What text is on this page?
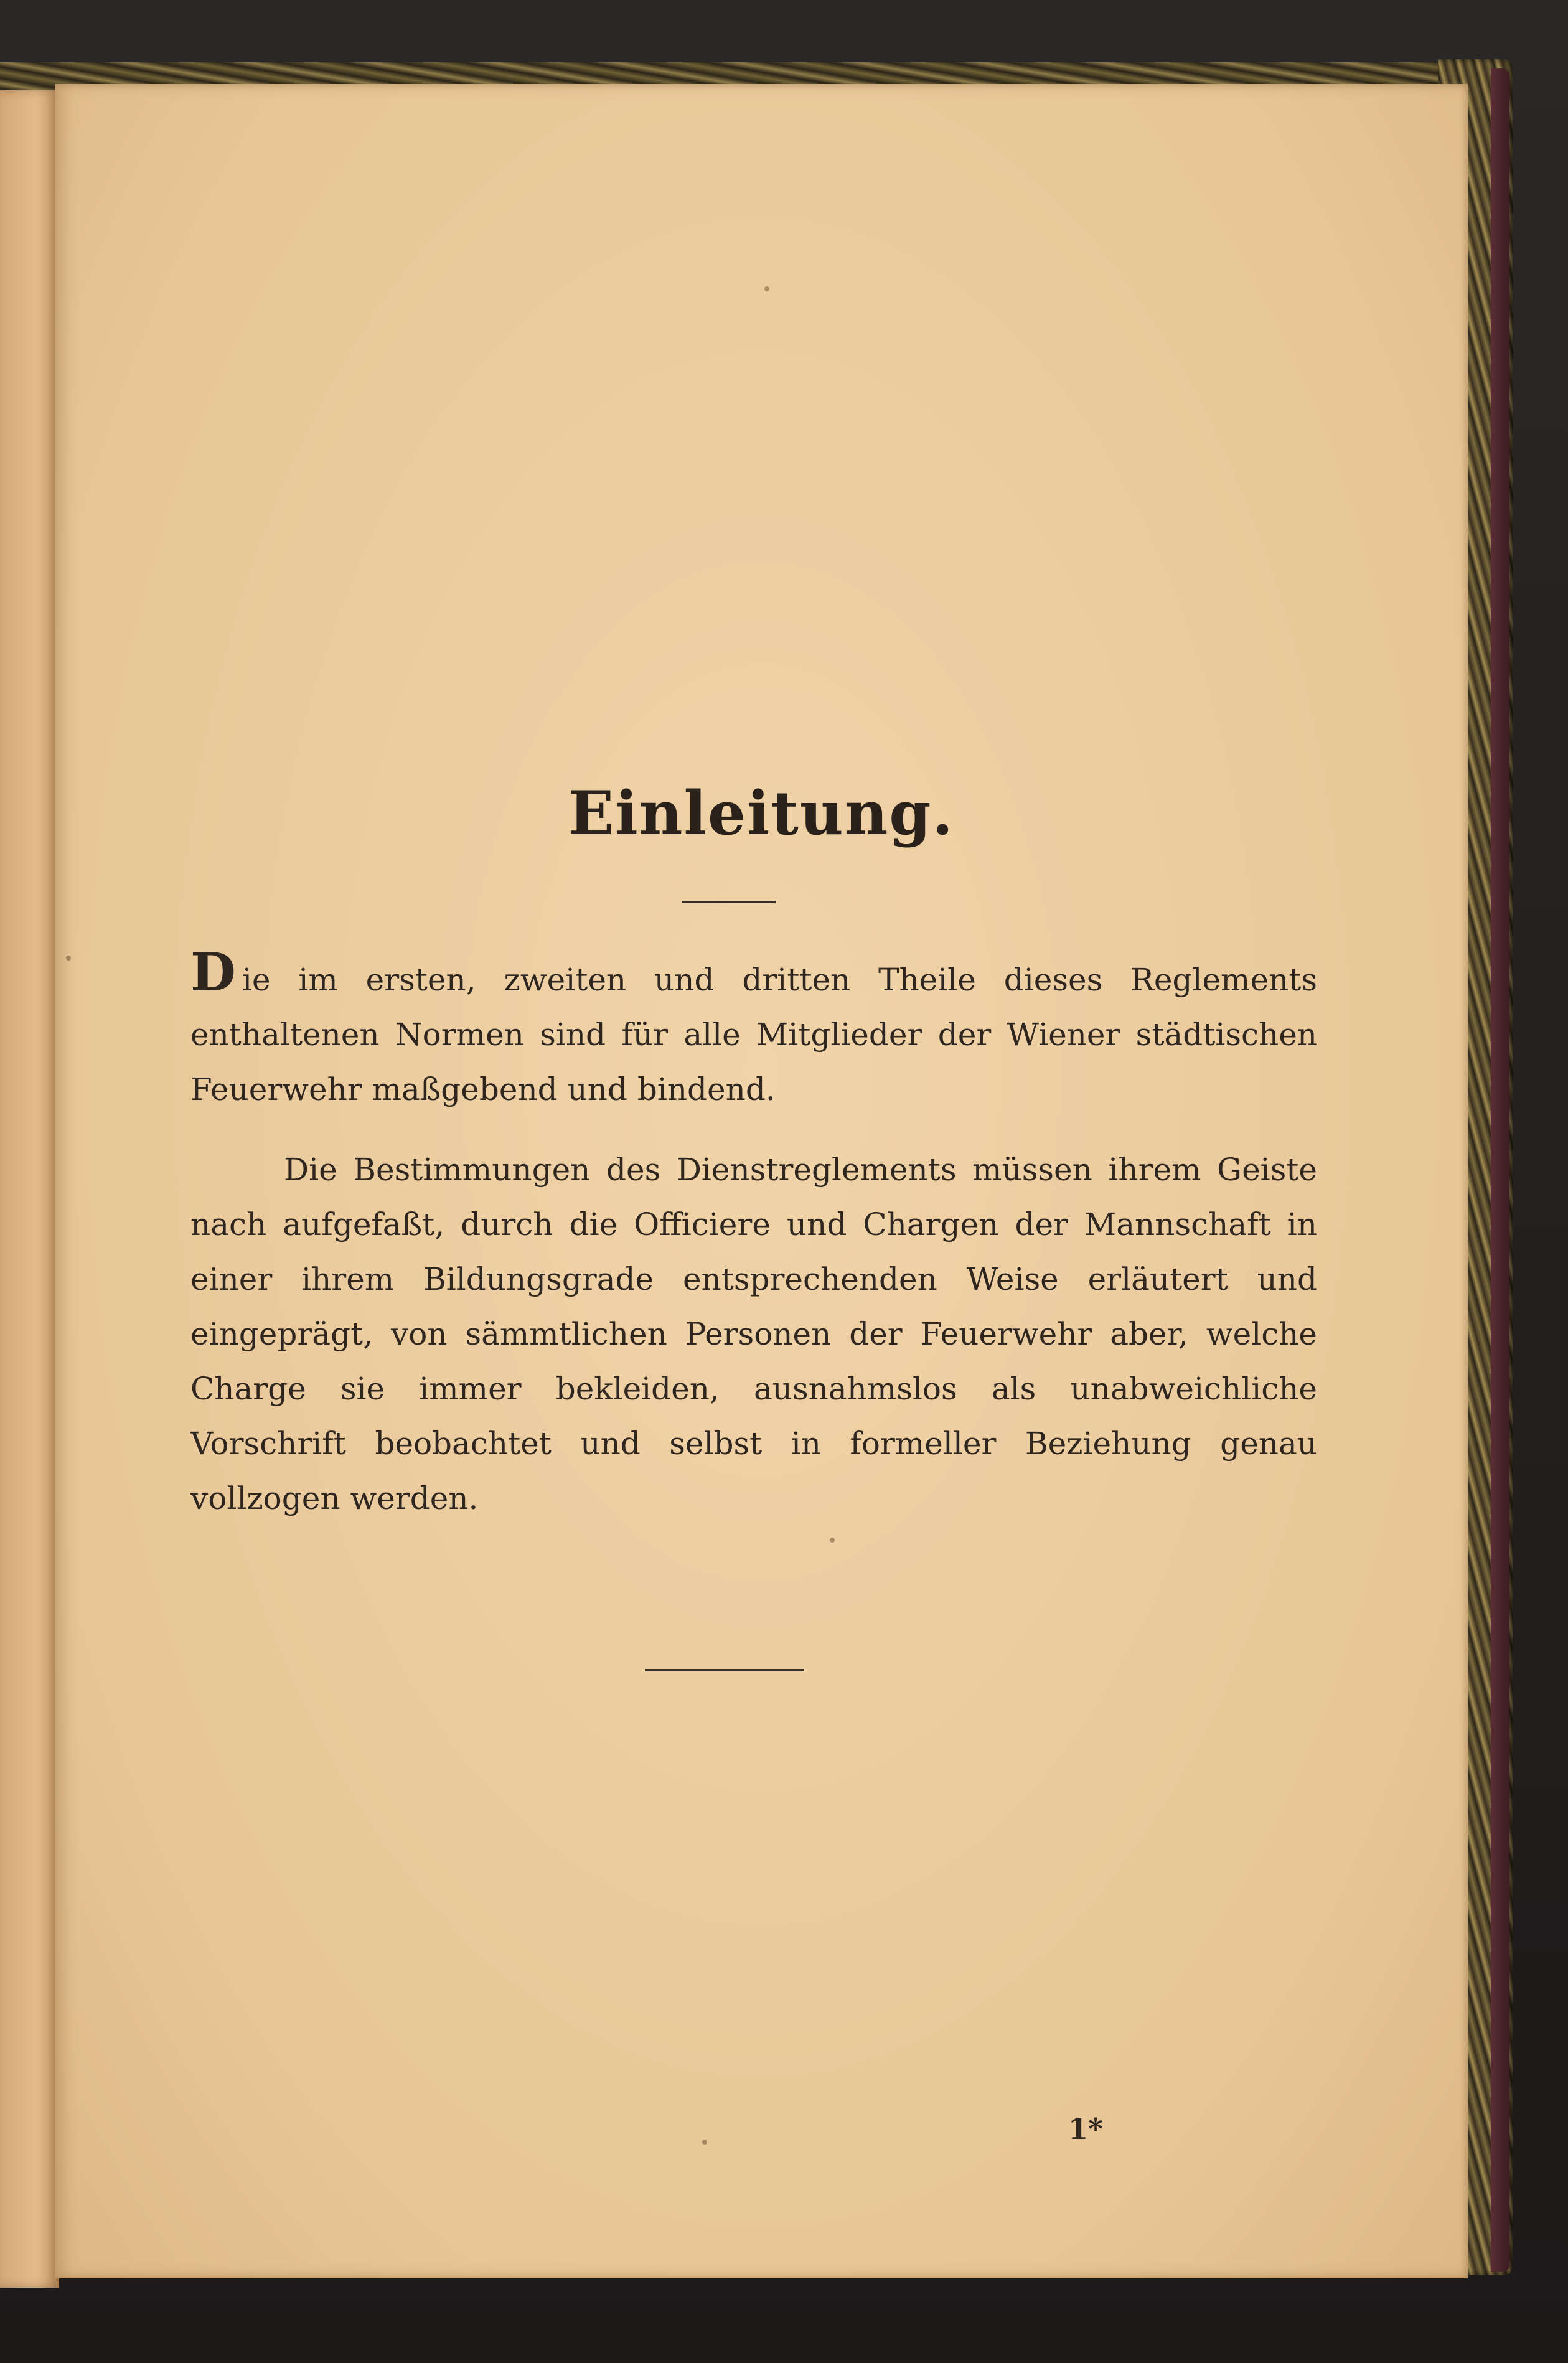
Einleitung.
Die im ersten, zweiten und dritten Theile dieses Reglements enthaltenen Normen sind für alle Mitglieder der Wiener städtischen Feuerwehr maßgebend und bindend.
Die Bestimmungen des Dienstreglements müssen ihrem Geiste nach aufgefaßt, durch die Officiere und Chargen der Mannschaft in einer ihrem Bildungsgrade entsprechenden Weise erläutert und eingeprägt, von sämmtlichen Personen der Feuerwehr aber, welche Charge sie immer bekleiden, ausnahmslos als unabweichliche Vorschrift beobachtet und selbst in formeller Beziehung genau vollzogen werden.
1*
